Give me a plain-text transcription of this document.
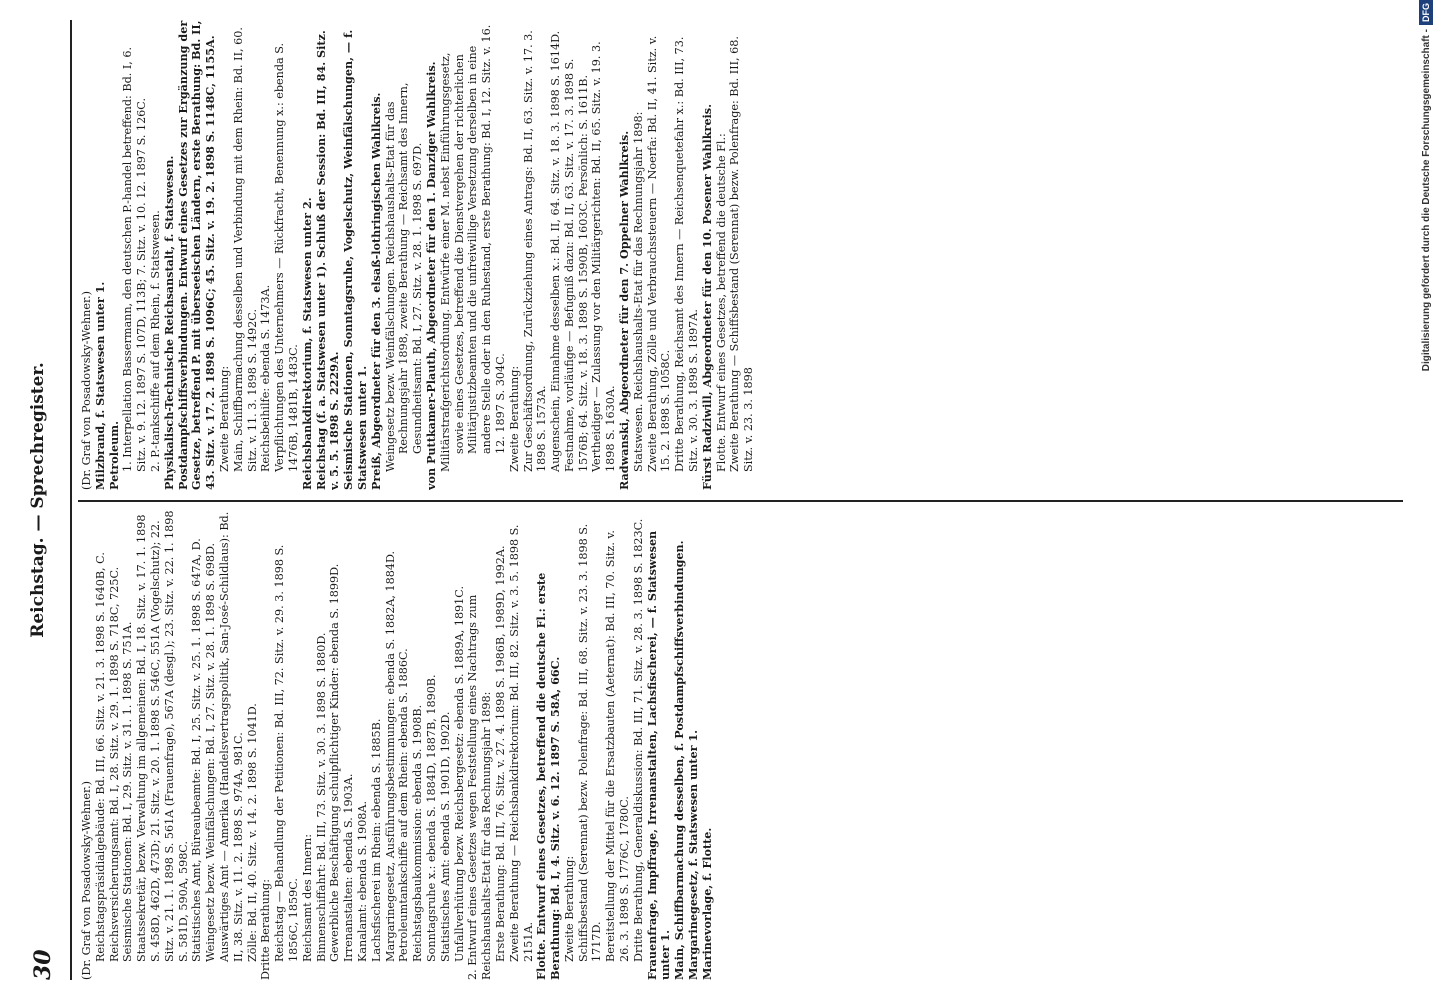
30
Reichstag. — Sprechregister.
(Dr. Graf von Posadowsky-Wehner.) Reichstagspräsidialgebäude: Bd. III, 66. Sitz. v. 21. 3. 1898 S. 1640B, C. Reichsversicherungsamt: Bd. I, 28. Sitz. v. 29. 1. 1898 S. 718C, 725C. Seismische Stationen: Bd. I, 29. Sitz. v. 31. 1. 1898 S. 751A. Staatssekretär, bezw. Verwaltung im allgemeinen: Bd. I, 18. Sitz. v. 17. 1. 1898 S. 458D, 462D, 473D; 21. Sitz. v. 20. 1. 1898 S. 546C, 551A (Vogelschutz); 22. Sitz. v. 21. 1. 1898 S. 561A (Frauenfrage), 567A (desgl.); 23. Sitz. v. 22. 1. 1898 S. 581D, 590A, 598C. Statistisches Amt, Büreaubeamte: Bd. I, 25. Sitz. v. 25. 1. 1898 S. 647A, D. Weingesetz bezw. Weinfälschungen: Bd. I, 27. Sitz. v. 28. 1. 1898 S. 698D. Auswärtiges Amt — Amerika (Handelsvertragspolitik, San-José-Schildlaus): Bd. II, 38. Sitz. v. 11. 2. 1898 S. 974A, 981C. Zölle: Bd. II, 40. Sitz. v. 14. 2. 1898 S. 1041D. Dritte Berathung: Reichstag — Behandlung der Petitionen: Bd. III, 72. Sitz. v. 29. 3. 1898 S. 1856C, 1859C. Reichsamt des Innern: Binnenschiffahrt: Bd. III, 73. Sitz. v. 30. 3. 1898 S. 1880D. Gewerbliche Beschäftigung schulpflichtiger Kinder: ebenda S. 1899D. Irrenanstalten: ebenda S. 1903A. Kanalamt: ebenda S. 1908A. Lachsfischerei im Rhein: ebenda S. 1885B. Margarinegesetz, Ausführungsbestimmungen: ebenda S. 1882A, 1884D. Petroleumtankschiffe auf dem Rhein: ebenda S. 1886C. Reichstagsbaukommission: ebenda S. 1908B. Sonntagsruhe x.: ebenda S. 1884D, 1887B, 1890B. Statistisches Amt: ebenda S. 1901D, 1902D. Unfallverhütung bezw. Reichsbergesetz: ebenda S. 1889A, 1891C. 2. Entwurf eines Gesetzes wegen Feststellung eines Nachtrags zum Reichshaushalts-Etat für das Rechnungsjahr 1898: Erste Berathung: Bd. III, 76. Sitz. v. 27. 4. 1898 S. 1986B, 1989D, 1992A. Zweite Berathung — Reichsbankdirektorium: Bd. III, 82. Sitz. v. 3. 5. 1898 S. 2151A. Flotte. Entwurf eines Gesetzes, betreffend die deutsche Fl.: erste Berathung: Bd. I, 4. Sitz. v. 6. 12. 1897 S. 58A, 66C. Zweite Berathung: Schiffsbestand (Serennat) bezw. Polenfrage: Bd. III, 68. Sitz. v. 23. 3. 1898 S. 1717D. Bereitstellung der Mittel für die Ersatzbauten (Aeternat): Bd. III, 70. Sitz. v. 26. 3. 1898 S. 1776C, 1780C. Dritte Berathung, Generaldiskussion: Bd. III, 71. Sitz. v. 28. 3. 1898 S. 1823C. Frauenfrage, Impffrage, Irrenanstalten, Lachsfischerei, — f. Statswesen unter 1. Main, Schiffbarmachung desselben, f. Postdampfschiffsverbindungen. Margarinegesetz, f. Statswesen unter 1. Marinevorlage, f. Flotte.
(Dr. Graf von Posadowsky-Wehner.) Milzbrand, f. Statswesen unter 1. Petroleum. 1. Interpellation Bassermann, den deutschen P.-handel betreffend: Bd. I, 6. Sitz. v. 9. 12. 1897 S. 107D, 113B; 7. Sitz. v. 10. 12. 1897 S. 126C. 2. P.-tankschiffe auf dem Rhein, f. Statswesen. Physikalisch-Technische Reichsanstalt, f. Statswesen. Postdampfschiffsverbindungen. Entwurf eines Gesetzes zur Ergänzung der Gesetze, betreffend P. mit überseeischen Ländern, erste Berathung: Bd. II, 43. Sitz. v. 17. 2. 1898 S. 1096C; 45. Sitz. v. 19. 2. 1898 S. 1148C, 1155A. Zweite Berathung: Main, Schiffbarmachung desselben und Verbindung mit dem Rhein: Bd. II, 60. Sitz. v. 11. 3. 1898 S. 1492C. Reichsbeihilfe: ebenda S. 1473A. Verpflichtungen des Unternehmers — Rückfracht, Benennung x.: ebenda S. 1476B, 1481B, 1483C. Reichsbankdirektorium, f. Statswesen unter 2. Reichstag (f. a. Statswesen unter 1). Schluß der Session: Bd. III, 84. Sitz. v. 5. 5. 1898 S. 2229A. Seismische Stationen, Sonntagsruhe, Vogelschutz, Weinfälschungen, — f. Statswesen unter 1. Preiß, Abgeordneter für den 3. elsaß-lothringischen Wahlkreis. Weingesetz bezw. Weinfälschungen. Reichshaushalts-Etat für das Rechnungsjahr 1898, zweite Berathung — Reichsamt des Innern, Gesundheitsamt: Bd. I, 27. Sitz. v. 28. 1. 1898 S. 697D. von Puttkamer-Plauth, Abgeordneter für den 1. Danziger Wahlkreis. Militärstrafgerichtsordnung. Entwürfe einer M. nebst Einführungsgesetz, sowie eines Gesetzes, betreffend die Dienstvergehen der richterlichen Militärjustizbeamten und die unfreiwillige Versetzung derselben in eine andere Stelle oder in den Ruhestand, erste Berathung: Bd. I, 12. Sitz. v. 16. 12. 1897 S. 304C. Zweite Berathung: Zur Geschäftsordnung, Zurückziehung eines Antrags: Bd. II, 63. Sitz. v. 17. 3. 1898 S. 1573A. Augenschein, Einnahme desselben x.: Bd. II, 64. Sitz. v. 18. 3. 1898 S. 1614D. Festnahme, vorläufige — Befugniß dazu: Bd. II, 63. Sitz. v. 17. 3. 1898 S. 1576B; 64. Sitz. v. 18. 3. 1898 S. 1590B, 1603C. Persönlich: S. 1611B. Vertheidiger — Zulassung vor den Militärgerichten: Bd. II, 65. Sitz. v. 19. 3. 1898 S. 1630A. Radwanski, Abgeordneter für den 7. Oppelner Wahlkreis. Statswesen. Reichshaushalts-Etat für das Rechnungsjahr 1898: Zweite Berathung, Zölle und Verbrauchssteuern — Noerfa: Bd. II, 41. Sitz. v. 15. 2. 1898 S. 1058C. Dritte Berathung, Reichsamt des Innern — Reichsenquetefahr x.: Bd. III, 73. Sitz. v. 30. 3. 1898 S. 1897A. Fürst Radziwill, Abgeordneter für den 10. Posener Wahlkreis. Flotte. Entwurf eines Gesetzes, betreffend die deutsche Fl.: Zweite Berathung — Schiffsbestand (Serennat) bezw. Polenfrage: Bd. III, 68. Sitz. v. 23. 3. 1898
Digitalisierung gefördert durch die Deutsche Forschungsgemeinschaft -DFG
